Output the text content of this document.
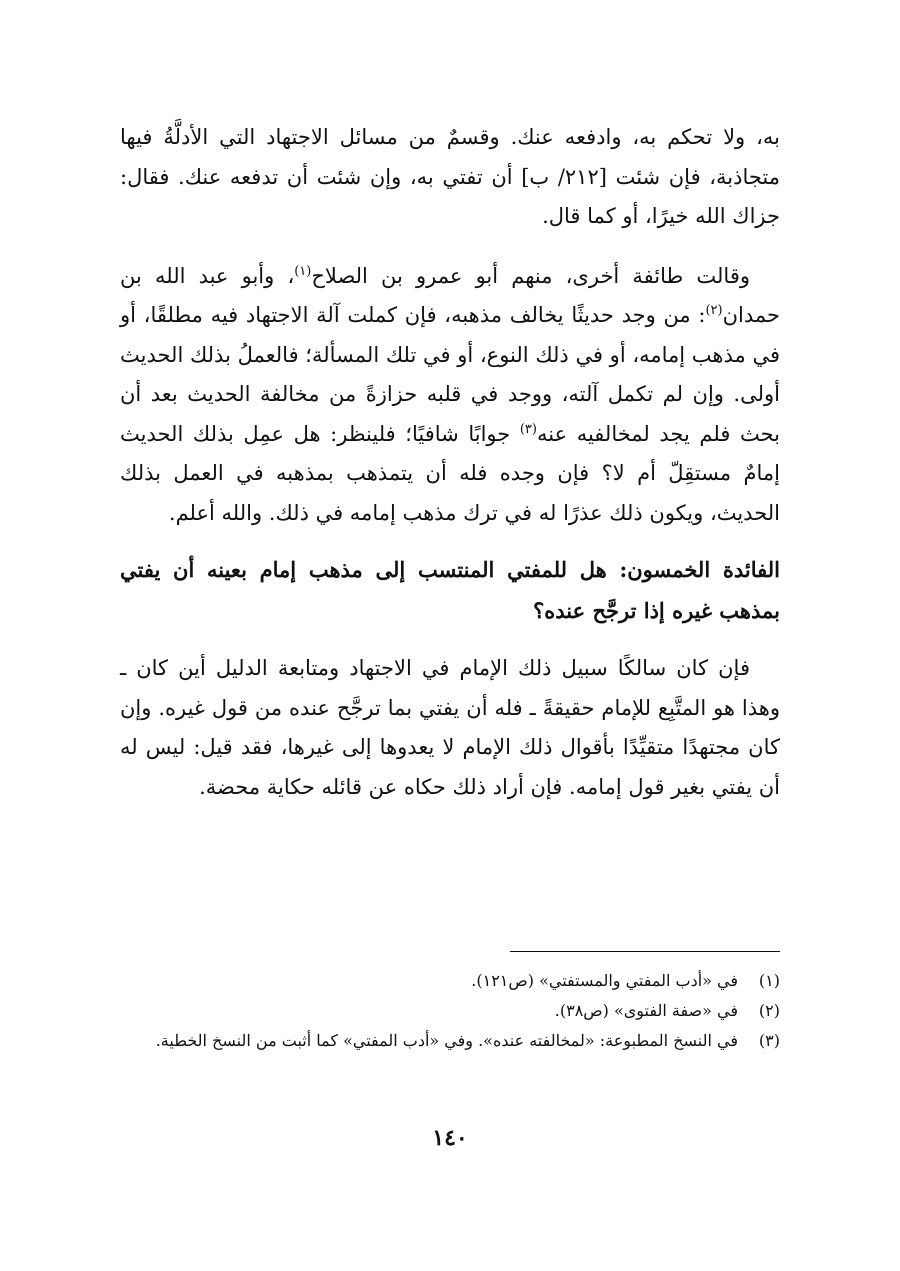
به، ولا تحكم به، وادفعه عنك. وقسمٌ من مسائل الاجتهاد التي الأدلَّةُ فيها متجاذبة، فإن شئت [٢١٢/ ب] أن تفتي به، وإن شئت أن تدفعه عنك. فقال: جزاك الله خيرًا، أو كما قال.

وقالت طائفة أخرى، منهم أبو عمرو بن الصلاح$^{(١)}$، وأبو عبد الله بن حمدان$^{(٢)}$: من وجد حديثًا يخالف مذهبه، فإن كملت آلة الاجتهاد فيه مطلقًا، أو في مذهب إمامه، أو في ذلك النوع، أو في تلك المسألة؛ فالعملُ بذلك الحديث أولى. وإن لم تكمل آلته، ووجد في قلبه حزازةً من مخالفة الحديث بعد أن بحث فلم يجد لمخالفيه عنه$^{(٣)}$ جوابًا شافيًا؛ فلينظر: هل عمِل بذلك الحديث إمامٌ مستقِلّ أم لا؟ فإن وجده فله أن يتمذهب بمذهبه في العمل بذلك الحديث، ويكون ذلك عذرًا له في ترك مذهب إمامه في ذلك. والله أعلم.

الفائدة الخمسون: هل للمفتي المنتسب إلى مذهب إمام بعينه أن يفتي بمذهب غيره إذا ترجَّح عنده؟

فإن كان سالكًا سبيل ذلك الإمام في الاجتهاد ومتابعة الدليل أين كان ـ وهذا هو المتَّبِع للإمام حقيقةً ـ فله أن يفتي بما ترجَّح عنده من قول غيره. وإن كان مجتهدًا متقيِّدًا بأقوال ذلك الإمام لا يعدوها إلى غيرها، فقد قيل: ليس له أن يفتي بغير قول إمامه. فإن أراد ذلك حكاه عن قائله حكاية محضة.

(١)
في «أدب المفتي والمستفتي» (ص١٢١).
(٢)
في «صفة الفتوى» (ص٣٨).
(٣)
في النسخ المطبوعة: «لمخالفته عنده». وفي «أدب المفتي» كما أثبت من النسخ الخطية.
١٤٠
